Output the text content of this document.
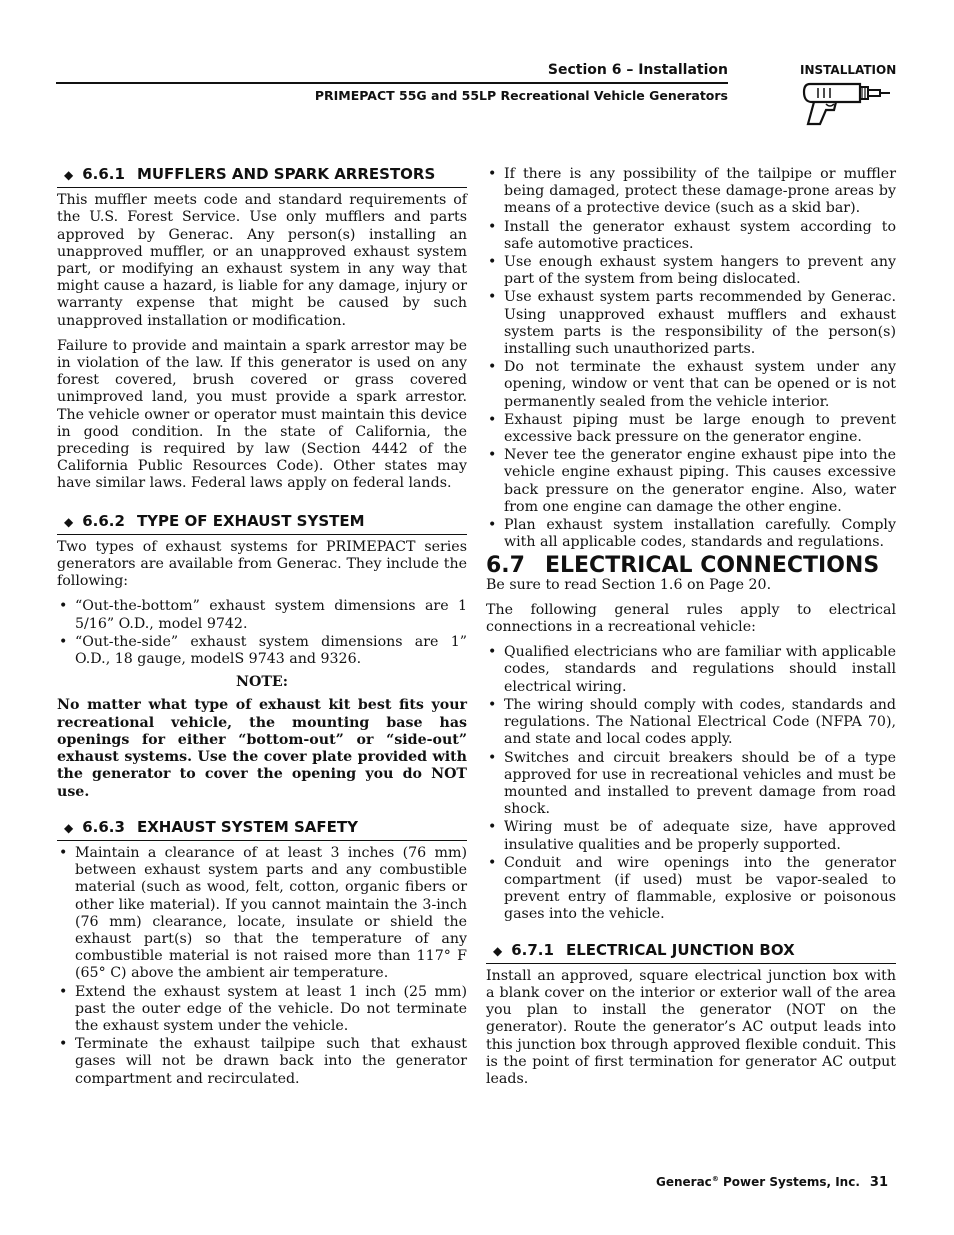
Section 6 – Installation
PRIMEPACT 55G and 55LP Recreational Vehicle Generators
INSTALLATION
◆ 6.6.1 MUFFLERS AND SPARK ARRESTORS

This muffler meets code and standard requirements of the U.S. Forest Service. Use only mufflers and parts approved by Generac. Any person(s) installing an unapproved muffler, or an unapproved exhaust system part, or modifying an exhaust system in any way that might cause a hazard, is liable for any damage, injury or warranty expense that might be caused by such unapproved installation or modification.

Failure to provide and maintain a spark arrestor may be in violation of the law. If this generator is used on any forest covered, brush covered or grass covered unimproved land, you must provide a spark arrestor. The vehicle owner or operator must maintain this device in good condition. In the state of California, the preceding is required by law (Section 4442 of the California Public Resources Code). Other states may have similar laws. Federal laws apply on federal lands.

◆ 6.6.2 TYPE OF EXHAUST SYSTEM

Two types of exhaust systems for PRIMEPACT series generators are available from Generac. They include the following:

• “Out-the-bottom” exhaust system dimensions are 1 5/16” O.D., model 9742.
• “Out-the-side” exhaust system dimensions are 1” O.D., 18 gauge, modelS 9743 and 9326.
NOTE:
No matter what type of exhaust kit best fits your recreational vehicle, the mounting base has openings for either “bottom-out” or “side-out” exhaust systems. Use the cover plate provided with the generator to cover the opening you do NOT use.
◆ 6.6.3 EXHAUST SYSTEM SAFETY
• Maintain a clearance of at least 3 inches (76 mm) between exhaust system parts and any combustible material (such as wood, felt, cotton, organic fibers or other like material). If you cannot maintain the 3-inch (76 mm) clearance, locate, insulate or shield the exhaust part(s) so that the temperature of any combustible material is not raised more than 117° F (65° C) above the ambient air temperature.
• Extend the exhaust system at least 1 inch (25 mm) past the outer edge of the vehicle. Do not terminate the exhaust system under the vehicle.
• Terminate the exhaust tailpipe such that exhaust gases will not be drawn back into the generator compartment and recirculated.
• If there is any possibility of the tailpipe or muffler being damaged, protect these damage-prone areas by means of a protective device (such as a skid bar).
• Install the generator exhaust system according to safe automotive practices.
• Use enough exhaust system hangers to prevent any part of the system from being dislocated.
• Use exhaust system parts recommended by Generac. Using unapproved exhaust mufflers and exhaust system parts is the responsibility of the person(s) installing such unauthorized parts.
• Do not terminate the exhaust system under any opening, window or vent that can be opened or is not permanently sealed from the vehicle interior.
• Exhaust piping must be large enough to prevent excessive back pressure on the generator engine.
• Never tee the generator engine exhaust pipe into the vehicle engine exhaust piping. This causes excessive back pressure on the generator engine. Also, water from one engine can damage the other engine.
• Plan exhaust system installation carefully. Comply with all applicable codes, standards and regulations.
6.7 ELECTRICAL CONNECTIONS

Be sure to read Section 1.6 on Page 20.

The following general rules apply to electrical connections in a recreational vehicle:

• Qualified electricians who are familiar with applicable codes, standards and regulations should install electrical wiring.
• The wiring should comply with codes, standards and regulations. The National Electrical Code (NFPA 70), and state and local codes apply.
• Switches and circuit breakers should be of a type approved for use in recreational vehicles and must be mounted and installed to prevent damage from road shock.
• Wiring must be of adequate size, have approved insulative qualities and be properly supported.
• Conduit and wire openings into the generator compartment (if used) must be vapor-sealed to prevent entry of flammable, explosive or poisonous gases into the vehicle.
◆ 6.7.1 ELECTRICAL JUNCTION BOX

Install an approved, square electrical junction box with a blank cover on the interior or exterior wall of the area you plan to install the generator (NOT on the generator). Route the generator’s AC output leads into this junction box through approved flexible conduit. This is the point of first termination for generator AC output leads.

Generac® Power Systems, Inc. 31
